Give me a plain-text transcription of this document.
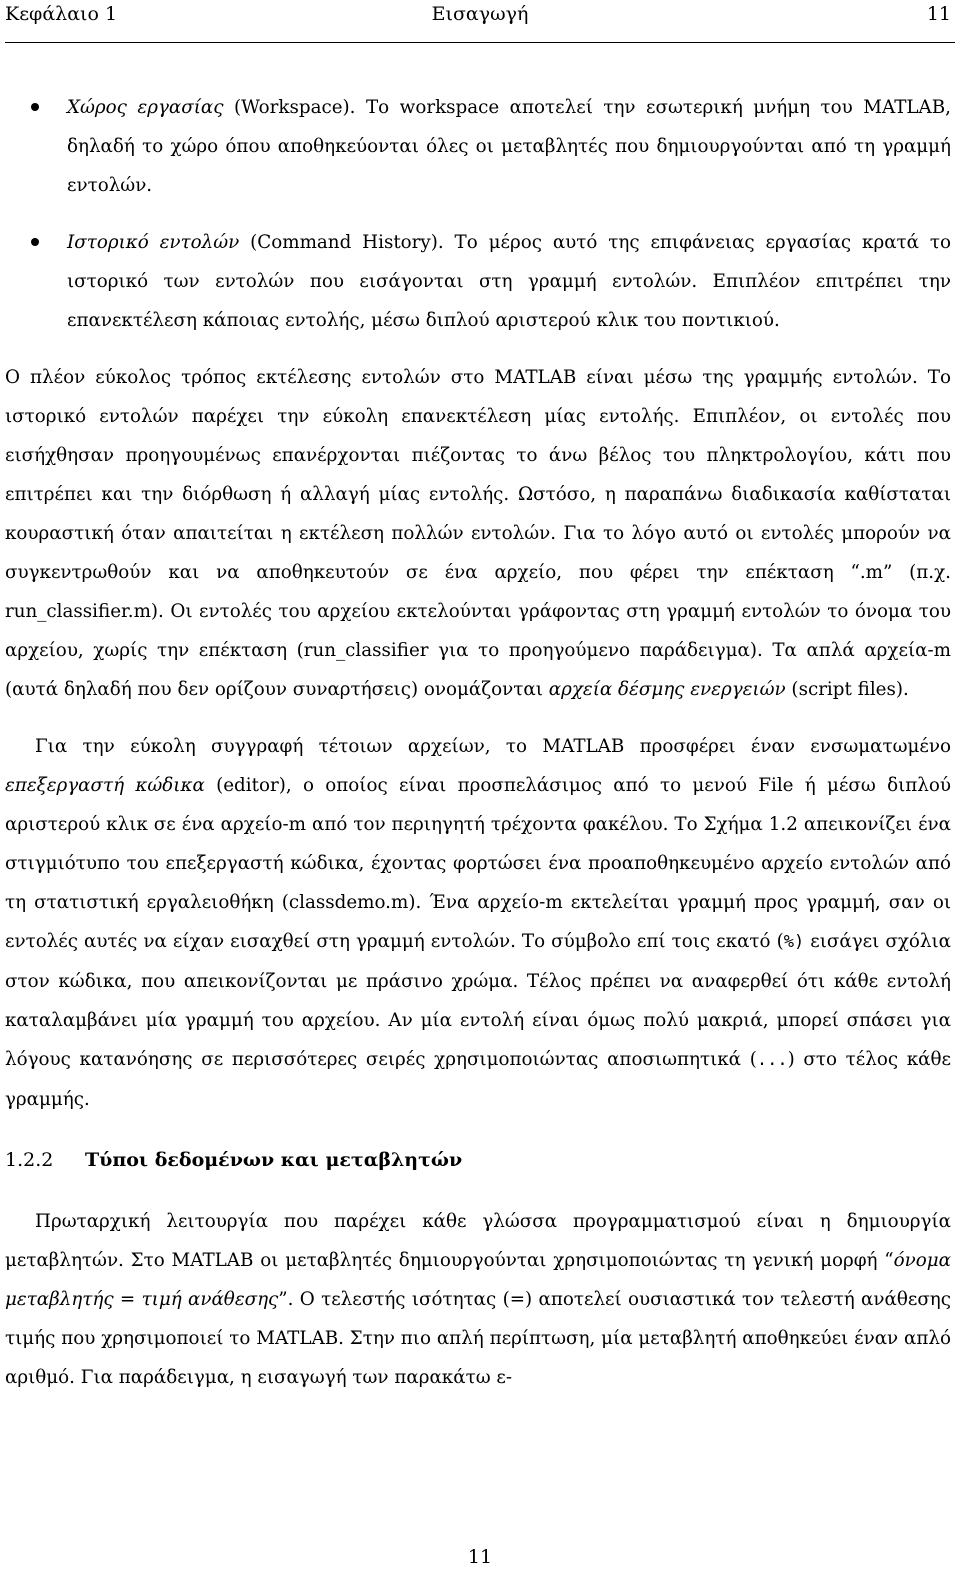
Κεφάλαιο 1	Εισαγωγή	11
Χώρος εργασίας (Workspace). Το workspace αποτελεί την εσωτερική μνήμη του MATLAB, δηλαδή το χώρο όπου αποθηκεύονται όλες οι μεταβλητές που δημιουργούνται από τη γραμμή εντολών.
Ιστορικό εντολών (Command History). Το μέρος αυτό της επιφάνειας εργασίας κρατά το ιστορικό των εντολών που εισάγονται στη γραμμή εντολών. Επιπλέον επιτρέπει την επανεκτέλεση κάποιας εντολής, μέσω διπλού αριστερού κλικ του ποντικιού.

Ο πλέον εύκολος τρόπος εκτέλεσης εντολών στο MATLAB είναι μέσω της γραμμής εντολών. Το ιστορικό εντολών παρέχει την εύκολη επανεκτέλεση μίας εντολής. Επιπλέον, οι εντολές που εισήχθησαν προηγουμένως επανέρχονται πιέζοντας το άνω βέλος του πληκτρολογίου, κάτι που επιτρέπει και την διόρθωση ή αλλαγή μίας εντολής. Ωστόσο, η παραπάνω διαδικασία καθίσταται κουραστική όταν απαιτείται η εκτέλεση πολλών εντολών. Για το λόγο αυτό οι εντολές μπορούν να συγκεντρωθούν και να αποθηκευτούν σε ένα αρχείο, που φέρει την επέκταση “.m” (π.χ. run_classifier.m). Οι εντολές του αρχείου εκτελούνται γράφοντας στη γραμμή εντολών το όνομα του αρχείου, χωρίς την επέκταση (run_classifier για το προηγούμενο παράδειγμα). Τα απλά αρχεία-m (αυτά δηλαδή που δεν ορίζουν συναρτήσεις) ονομάζονται αρχεία δέσμης ενεργειών (script files).

Για την εύκολη συγγραφή τέτοιων αρχείων, το MATLAB προσφέρει έναν ενσωματωμένο επεξεργαστή κώδικα (editor), ο οποίος είναι προσπελάσιμος από το μενού File ή μέσω διπλού αριστερού κλικ σε ένα αρχείο-m από τον περιηγητή τρέχοντα φακέλου. Το Σχήμα 1.2 απεικονίζει ένα στιγμιότυπο του επεξεργαστή κώδικα, έχοντας φορτώσει ένα προαποθηκευμένο αρχείο εντολών από τη στατιστική εργαλειοθήκη (classdemo.m). Ένα αρχείο-m εκτελείται γραμμή προς γραμμή, σαν οι εντολές αυτές να είχαν εισαχθεί στη γραμμή εντολών. Το σύμβολο επί τοις εκατό (%) εισάγει σχόλια στον κώδικα, που απεικονίζονται με πράσινο χρώμα. Τέλος πρέπει να αναφερθεί ότι κάθε εντολή καταλαμβάνει μία γραμμή του αρχείου. Αν μία εντολή είναι όμως πολύ μακριά, μπορεί σπάσει για λόγους κατανόησης σε περισσότερες σειρές χρησιμοποιώντας αποσιωπητικά (...) στο τέλος κάθε γραμμής.

1.2.2 Τύποι δεδομένων και μεταβλητών

Πρωταρχική λειτουργία που παρέχει κάθε γλώσσα προγραμματισμού είναι η δημιουργία μεταβλητών. Στο MATLAB οι μεταβλητές δημιουργούνται χρησιμοποιώντας τη γενική μορφή “όνομα μεταβλητής = τιμή ανάθεσης”. Ο τελεστής ισότητας (=) αποτελεί ουσιαστικά τον τελεστή ανάθεσης τιμής που χρησιμοποιεί το MATLAB. Στην πιο απλή περίπτωση, μία μεταβλητή αποθηκεύει έναν απλό αριθμό. Για παράδειγμα, η εισαγωγή των παρακάτω ε-

11
